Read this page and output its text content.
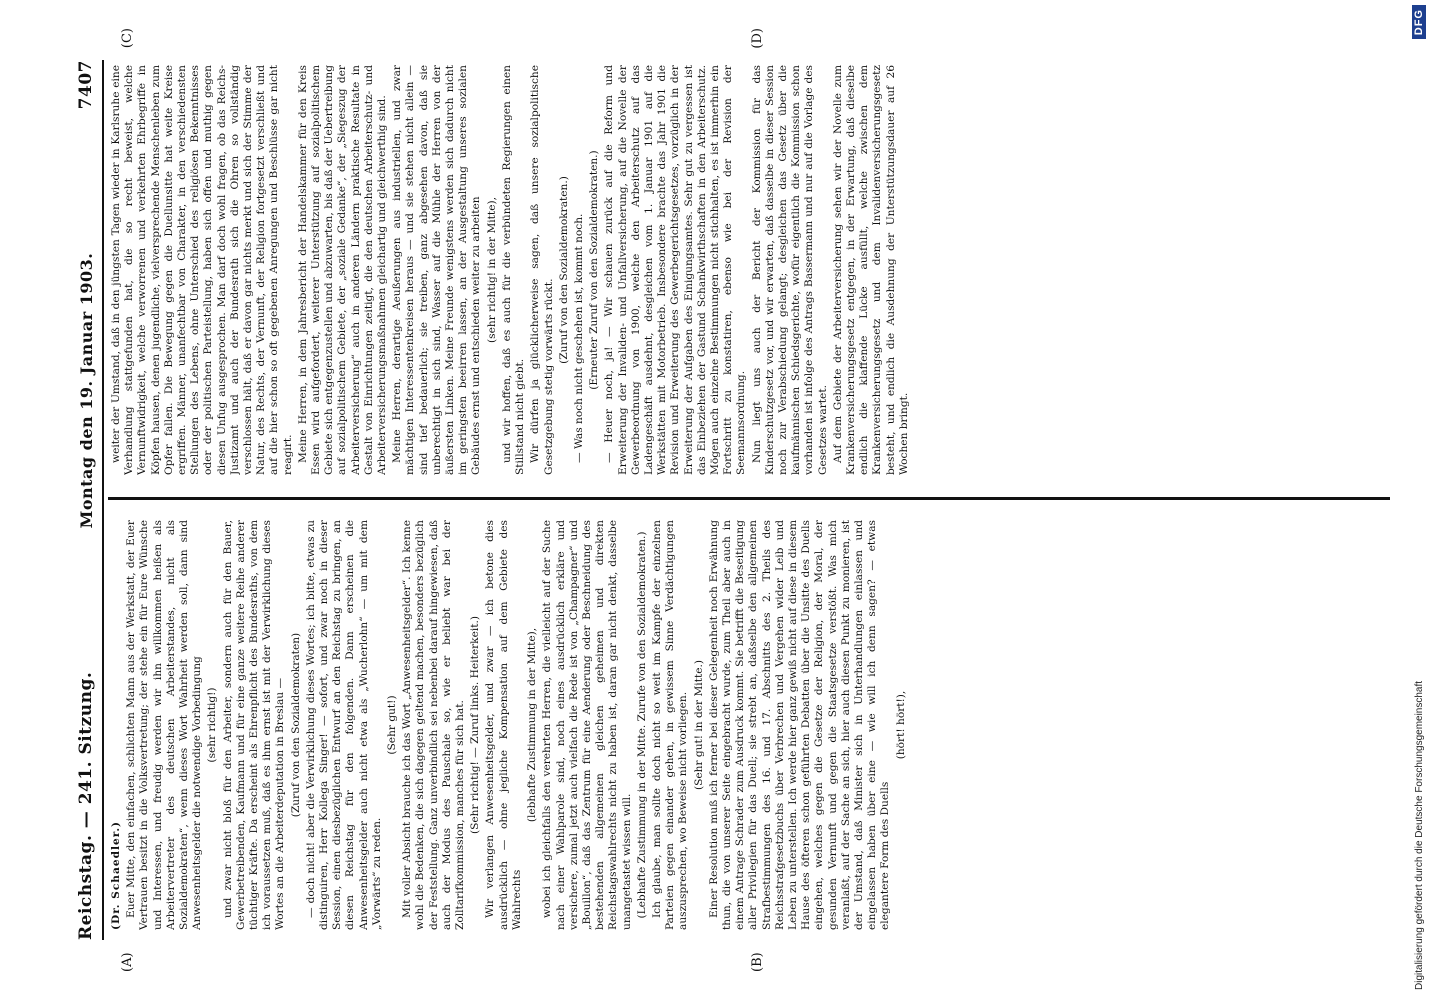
Reichstag. — 241. Sitzung.
Montag den 19. Januar 1903.
7407
(A)	(B)
(C)	(D)

(Dr. Schaedler.) Euer Mitte, den einfachen, schlichten Mann aus der Werkstatt, der Euer Vertrauen besitzt in die Volksvertretung; der stehe ein für Eure Wünsche und Interessen, und freudig werden wir ihn willkommen heißen als Arbeitervertreter des deutschen Arbeiterstandes, nicht als Sozialdemokraten“, wenn dieses Wort Wahrheit werden soll, dann sind Anwesenheitsgelder die notwendige Vorbedingung (sehr richtig!) und zwar nicht bloß für den Arbeiter, sondern auch für den Bauer, Gewerbetreibenden, Kaufmann und für eine ganze weitere Reihe anderer tüchtiger Kräfte. Da erscheint als Ehrenpflicht des Bundesraths, von dem ich voraussetzen muß, daß es ihm ernst ist mit der Verwirklichung dieses Wortes an die Arbeiterdeputation in Breslau — (Zuruf von den Sozialdemokraten) — doch nicht! aber die Verwirklichung dieses Wortes; ich bitte, etwas zu distinguiren, Herr Kollega Singer! — sofort, und zwar noch in dieser Session, einen diesbezüglichen Entwurf an den Reichstag zu bringen, an diesen Reichstag für den folgenden. Dann erscheinen die Anwesenheitsgelder auch nicht etwa als „Wucherlohn“ — um mit dem „Vorwärts“ zu reden.

(Sehr gut!) Mit voller Absicht brauche ich das Wort „Anwesenheitsgelder“. Ich kenne wohl die Bedenken, die sich dagegen geltend machen, besonders bezüglich der Feststellung. Ganz unverbindlich sei nebenbei darauf hingewiesen, daß auch der Modus des Pauschale so, wie er beliebt war bei der Zolltarifkommission, manches für sich hat. (Sehr richtig! — Zuruf links. Heiterkeit.) Wir verlangen Anwesenheitsgelder, und zwar — ich betone dies ausdrücklich — ohne jegliche Kompensation auf dem Gebiete des Wahlrechts

(lebhafte Zustimmung in der Mitte), wobei ich gleichfalls den verehrten Herren, die vielleicht auf der Suche nach einer Wahlparole sind, noch eines ausdrücklich erkläre und versichere, zumal jetzt auch vielfach die Rede ist von „Champagner“ und „Bouillon“, daß das Zentrum für eine Aenderung oder Beschneidung des bestehenden allgemeinen gleichen geheimen und direkten Reichstagswahlrechts nicht zu haben ist, daran gar nicht denkt, dasselbe unangetastet wissen will. (Lebhafte Zustimmung in der Mitte. Zurufe von den Sozialdemokraten.) Ich glaube, man sollte doch nicht so weit im Kampfe der einzelnen Parteien gegen einander gehen, in gewissem Sinne Verdächtigungen auszusprechen, wo Beweise nicht vorliegen. (Sehr gut! in der Mitte.) Einer Resolution muß ich ferner bei dieser Gelegenheit noch Erwähnung thun, die von unserer Seite eingebracht wurde, zum Theil aber auch in einem Antrage Schrader zum Ausdruck kommt. Sie betrifft die Beseitigung aller Privilegien für das Duell; sie strebt an, daßselbe den allgemeinen Strafbestimmungen des 16. und 17. Abschnitts des 2. Theils des Reichsstrafgesetzbuchs über Verbrechen und Vergehen wider Leib und Leben zu unterstellen. Ich werde hier ganz gewiß nicht auf diese in diesem Hause des öfteren schon geführten Debatten über die Unsitte des Duells eingehen, welches gegen die Gesetze der Religion, der Moral, der gesunden Vernunft und gegen die Staatsgesetze verstößt. Was mich veranlaßt, auf der Sache an sich, hier auch diesen Punkt zu monieren, ist der Umstand, daß Minister sich in Unterhandlungen einlassen und eingelassen haben über eine — wie will ich denn sagen? — etwas elegantere Form des Duells

(hört! hört!),

weiter der Umstand, daß in den jüngsten Tagen wieder in Karlsruhe eine Verhandlung stattgefunden hat, die so recht beweist, welche Vernunftwidrigkeit, welche verworrenen und verkehrten Ehrbegriffe in Köpfen hausen, denen jugendliche, vielversprechende Menschenleben zum Opfer fallen. Die Bewegung gegen die Duellunsitte hat weite Kreise ergriffen. Männer, unanfechtbar von Charakter, in den verschiedensten Stellungen des Lebens, ohne Unterschied des religiösen Bekenntnisses oder der politischen Parteistellung, haben sich offen und muthig gegen diesen Unfug ausgesprochen. Man darf doch wohl fragen, ob das Reichs-Justizamt und auch der Bundesrath sich die Ohren so vollständig verschlossen hält, daß er davon gar nichts merkt und sich der Stimme der Natur, des Rechts, der Vernunft, der Religion fortgesetzt verschließt und auf die hier schon so oft gegebenen Anregungen und Beschlüsse gar nicht reagirt. Meine Herren, in dem Jahresbericht der Handelskammer für den Kreis Essen wird aufgefordert, weiterer Unterstützung auf sozialpolitischem Gebiete sich entgegenzustellen und abzuwarten, bis daß der Uebertreibung auf sozialpolitischem Gebiete, der „soziale Gedanke“, der „Siegeszug der Arbeiterversicherung“ auch in anderen Ländern praktische Resultate in Gestalt von Einrichtungen zeitigt, die den deutschen Arbeiterschutz- und Arbeiterversicherungsmaßnahmen gleichartig und gleichwerthig sind. Meine Herren, derartige Aeußerungen aus industriellen, und zwar mächtigen Interessentenkreisen heraus — und sie stehen nicht allein — sind tief bedauerlich; sie treiben, ganz abgesehen davon, daß sie unberechtigt in sich sind, Wasser auf die Mühle der Herren von der äußersten Linken. Meine Freunde wenigstens werden sich dadurch nicht im geringsten beeirren lassen, an der Ausgestaltung unseres sozialen Gebäudes ernst und entschieden weiter zu arbeiten (sehr richtig! in der Mitte), und wir hoffen, daß es auch für die verbündeten Regierungen einen Stillstand nicht giebt. Wir dürfen ja glücklicherweise sagen, daß unsere sozialpolitische Gesetzgebung stetig vorwärts rückt.

(Zuruf von den Sozialdemokraten.) — Was noch nicht geschehen ist, kommt noch. (Erneuter Zuruf von den Sozialdemokraten.) — Heuer noch, ja! — Wir schauen zurück auf die Reform und Erweiterung der Invaliden- und Unfallversicherung, auf die Novelle der Gewerbeordnung von 1900, welche den Arbeiterschutz auf das Ladengeschäft ausdehnt, desgleichen vom 1. Januar 1901 auf die Werkstätten mit Motorbetrieb. Insbesondere brachte das Jahr 1901 die Revision und Erweiterung des Gewerbegerichtsgesetzes, vorzüglich in der Erweiterung der Aufgaben des Einigungsamtes. Sehr gut zu vergessen ist das Einbeziehen der Gastund Schankwirthschaften in den Arbeiterschutz. Mögen auch einzelne Bestimmungen nicht stichhalten, es ist immerhin ein Fortschritt zu konstatiren, ebenso wie bei der Revision der Seemannsordnung. Nun liegt uns auch der Bericht der Kommission für das Kinderschutzgesetz vor, und wir erwarten, daß dasselbe in dieser Session noch zur Verabschiedung gelangt; desgleichen das Gesetz über die kaufmännischen Schiedsgerichte, wofür eigentlich die Kommission schon vorhanden ist infolge des Antrags Bassermann und nur auf die Vorlage des Gesetzes wartet. Auf dem Gebiete der Arbeiterversicherung sehen wir der Novelle zum Krankenversicherungsgesetz entgegen, in der Erwartung, daß dieselbe endlich die klaffende Lücke ausfüllt, welche zwischen dem Krankenversicherungsgesetz und dem Invalidenversicherungsgesetz besteht, und endlich die Ausdehnung der Unterstützungsdauer auf 26 Wochen bringt.

Digitalisierung gefördert durch die Deutsche Forschungsgemeinschaft
DFG
